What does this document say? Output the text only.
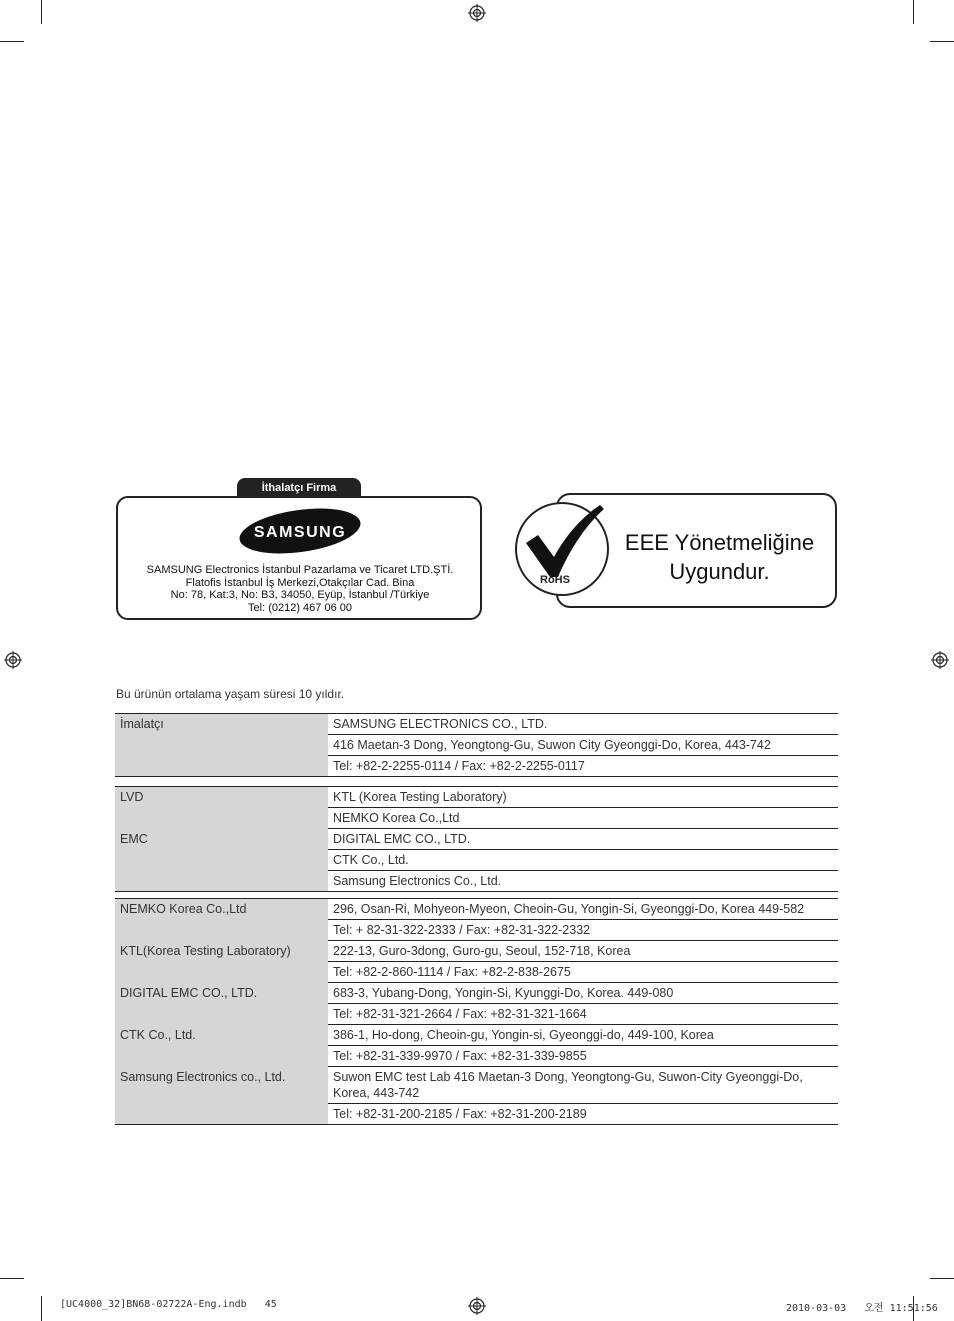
İthalatçı Firma
SAMSUNG
SAMSUNG Electronics İstanbul Pazarlama ve Ticaret LTD.ŞTİ.
Flatofis İstanbul İş Merkezi,Otakçılar Cad. Bina
No: 78, Kat:3, No: B3, 34050, Eyüp, İstanbul /Türkiye
Tel: (0212) 467 06 00
RoHS
EEE Yönetmeliğine
Uygundur.
Bu ürünün ortalama yaşam süresi 10 yıldır.
İmalatçı	SAMSUNG ELECTRONICS CO., LTD.
416 Maetan-3 Dong, Yeongtong-Gu, Suwon City Gyeonggi-Do, Korea, 443-742
Tel: +82-2-2255-0114 / Fax: +82-2-2255-0117
LVD	KTL (Korea Testing Laboratory)
	NEMKO Korea Co.,Ltd
EMC	DIGITAL EMC CO., LTD.
	CTK Co., Ltd.
	Samsung Electronics Co., Ltd.
NEMKO Korea Co.,Ltd	296, Osan-Ri, Mohyeon-Myeon, Cheoin-Gu, Yongin-Si, Gyeonggi-Do, Korea 449-582
	Tel: + 82-31-322-2333 / Fax: +82-31-322-2332
KTL(Korea Testing Laboratory)	222-13, Guro-3dong, Guro-gu, Seoul, 152-718, Korea
	Tel: +82-2-860-1114 / Fax: +82-2-838-2675
DIGITAL EMC CO., LTD.	683-3, Yubang-Dong, Yongin-Si, Kyunggi-Do, Korea. 449-080
	Tel: +82-31-321-2664 / Fax: +82-31-321-1664
CTK Co., Ltd.	386-1, Ho-dong, Cheoin-gu, Yongin-si, Gyeonggi-do, 449-100, Korea
	Tel: +82-31-339-9970 / Fax: +82-31-339-9855
Samsung Electronics co., Ltd.	Suwon EMC test Lab 416 Maetan-3 Dong, Yeongtong-Gu, Suwon-City Gyeonggi-Do, Korea, 443-742
	Tel: +82-31-200-2185 / Fax: +82-31-200-2189
[UC4000_32]BN68-02722A-Eng.indb   45	2010-03-03   오전 11:51:56
